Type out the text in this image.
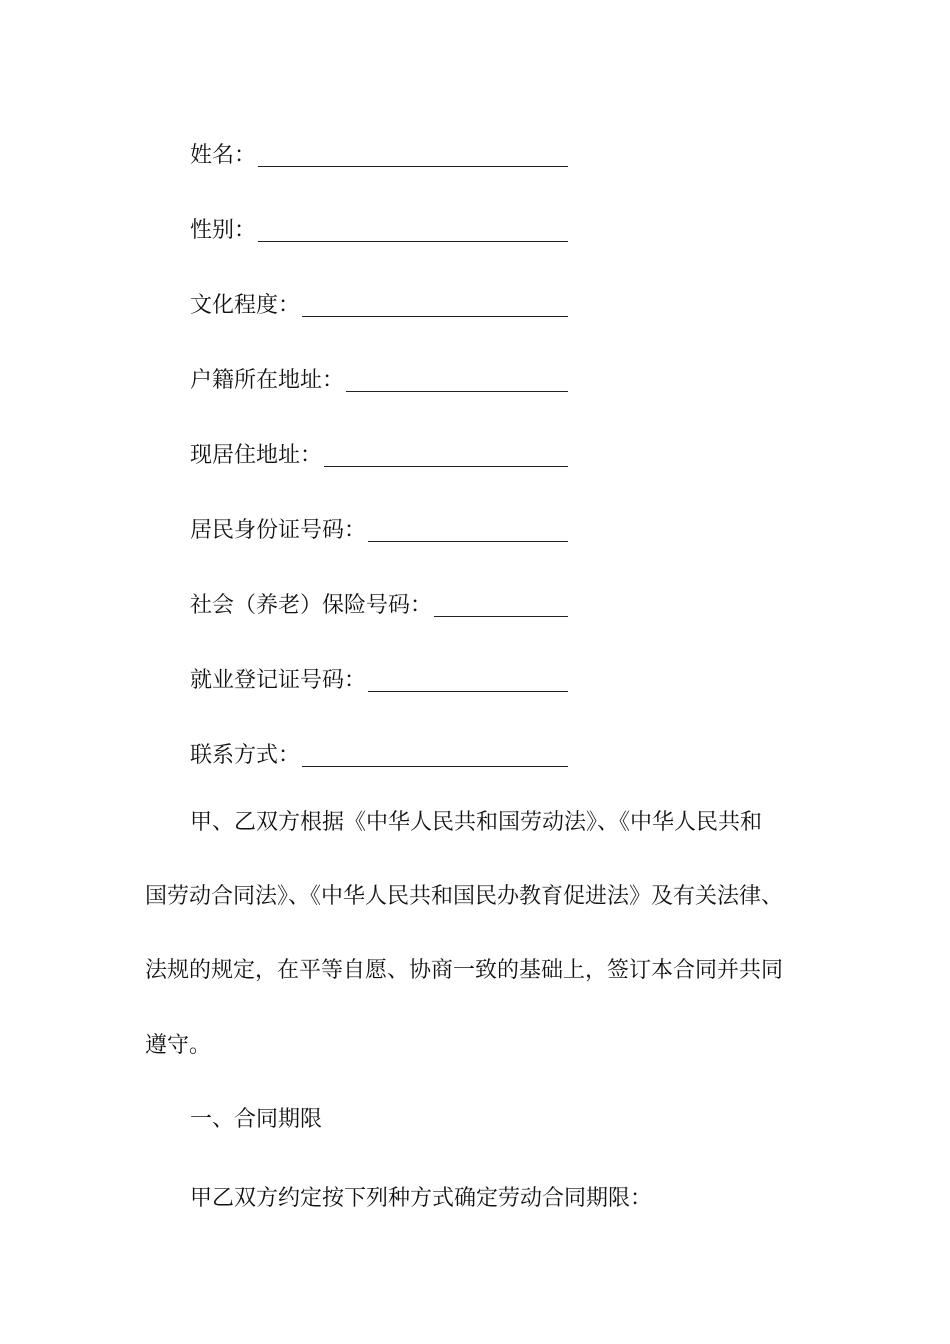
姓名：
性别：
文化程度：
户籍所在地址：
现居住地址：
居民身份证号码：
社会（养老）保险号码：
就业登记证号码：
联系方式：
甲、乙双方根据《中华人民共和国劳动法》、《中华人民共和
国劳动合同法》、《中华人民共和国民办教育促进法》及有关法律、
法规的规定，在平等自愿、协商一致的基础上，签订本合同并共同
遵守。
一、合同期限
甲乙双方约定按下列种方式确定劳动合同期限：
